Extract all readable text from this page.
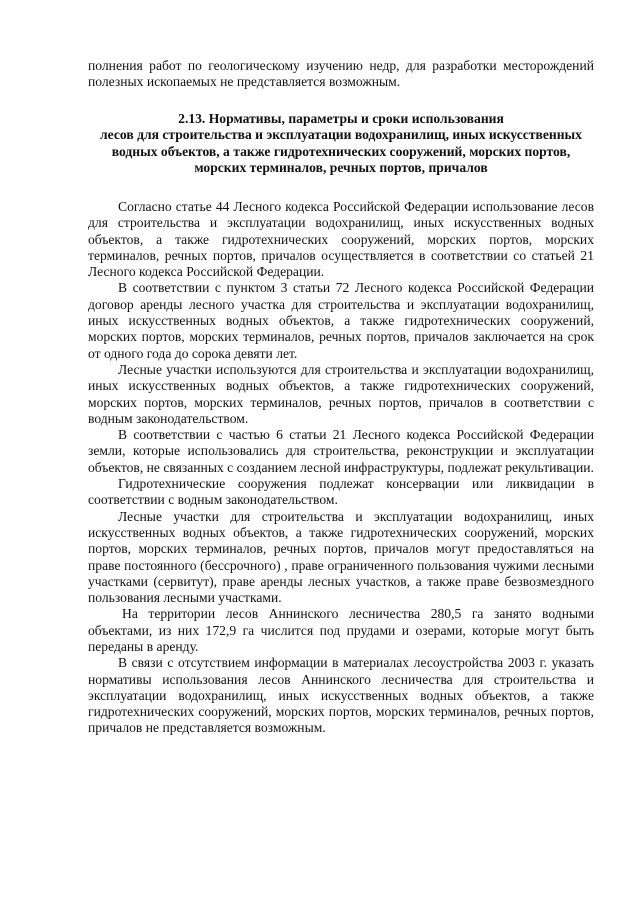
полнения работ по геологическому изучению недр, для разработки месторождений полезных ископаемых не представляется возможным.

2.13. Нормативы, параметры и сроки использования
лесов для строительства и эксплуатации водохранилищ, иных искусственных водных объектов, а также гидротехнических сооружений, морских портов, морских терминалов, речных портов, причалов

Согласно статье 44 Лесного кодекса Российской Федерации использование лесов для строительства и эксплуатации водохранилищ, иных искусственных водных объектов, а также гидротехнических сооружений, морских портов, морских терминалов, речных портов, причалов осуществляется в соответствии со статьей 21 Лесного кодекса Российской Федерации.

В соответствии с пунктом 3 статьи 72 Лесного кодекса Российской Федерации договор аренды лесного участка для строительства и эксплуатации водохранилищ, иных искусственных водных объектов, а также гидротехнических сооружений, морских портов, морских терминалов, речных портов, причалов заключается на срок от одного года до сорока девяти лет.

Лесные участки используются для строительства и эксплуатации водохранилищ, иных искусственных водных объектов, а также гидротехнических сооружений, морских портов, морских терминалов, речных портов, причалов в соответствии с водным законодательством.

В соответствии с частью 6 статьи 21 Лесного кодекса Российской Федерации земли, которые использовались для строительства, реконструкции и эксплуатации объектов, не связанных с созданием лесной инфраструктуры, подлежат рекультивации.

Гидротехнические сооружения подлежат консервации или ликвидации в соответствии с водным законодательством.

Лесные участки для строительства и эксплуатации водохранилищ, иных искусственных водных объектов, а также гидротехнических сооружений, морских портов, морских терминалов, речных портов, причалов могут предоставляться на праве постоянного (бессрочного) , праве ограниченного пользования чужими лесными участками (сервитут), праве аренды лесных участков, а также праве безвозмездного пользования лесными участками.

На территории лесов Аннинского лесничества 280,5 га занято водными объектами, из них 172,9 га числится под прудами и озерами, которые могут быть переданы в аренду.

В связи с отсутствием информации в материалах лесоустройства 2003 г. указать нормативы использования лесов Аннинского лесничества для строительства и эксплуатации водохранилищ, иных искусственных водных объектов, а также гидротехнических сооружений, морских портов, морских терминалов, речных портов, причалов не представляется возможным.
